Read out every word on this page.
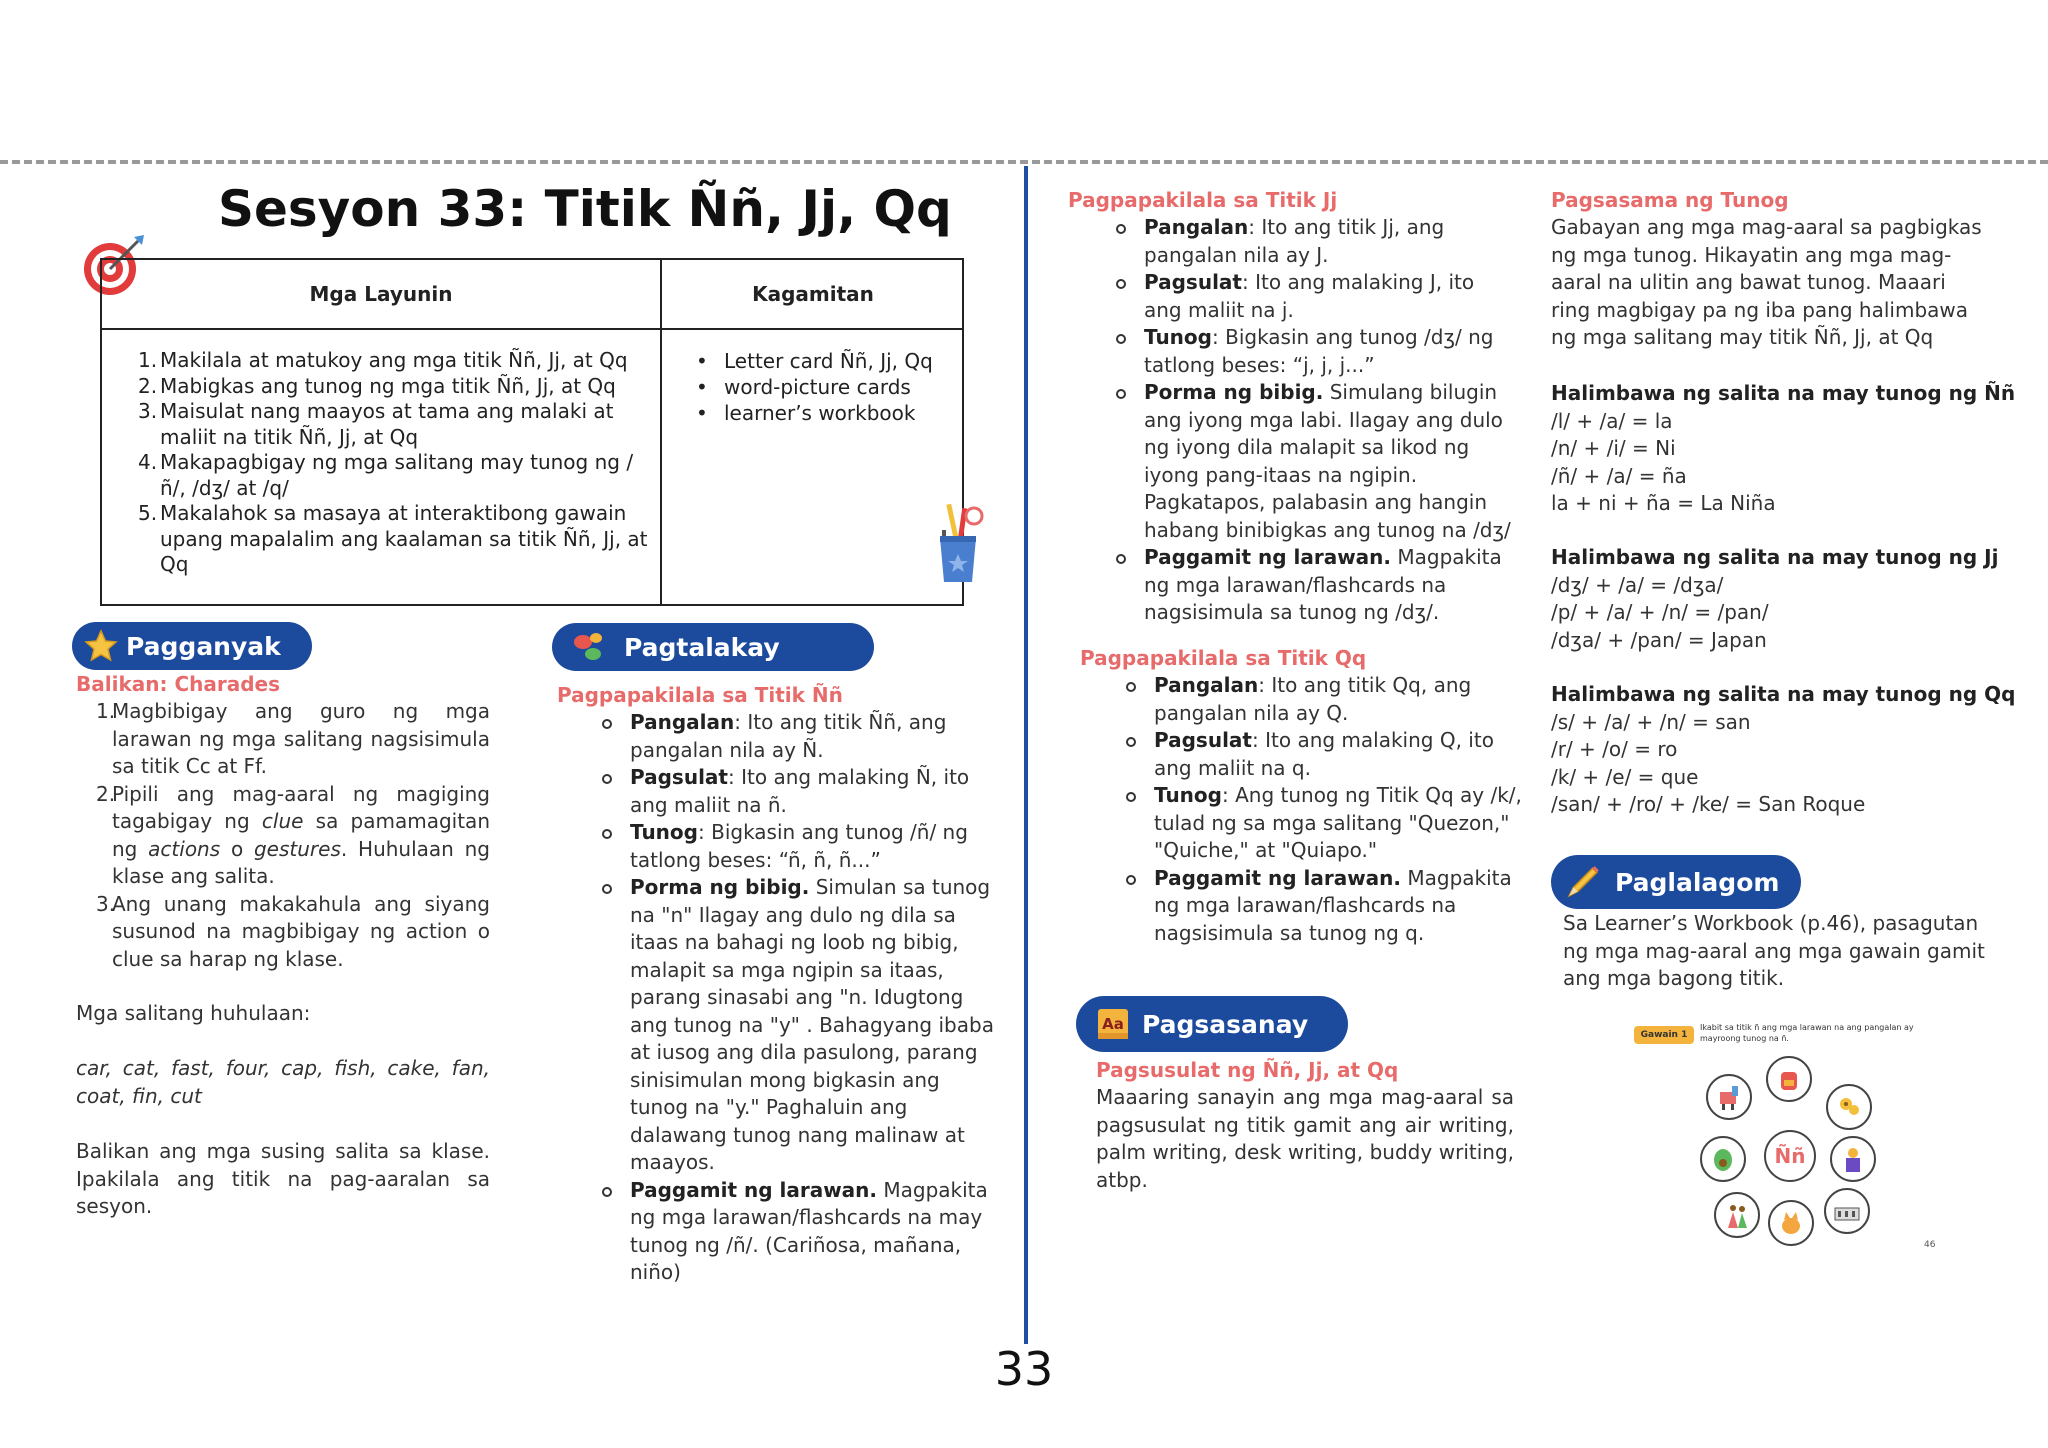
Sesyon 33: Titik Ññ, Jj, Qq
Mga Layunin	Kagamitan
1. Makilala at matukoy ang mga titik Ññ, Jj, at Qq
2. Mabigkas ang tunog ng mga titik Ññ, Jj, at Qq
3. Maisulat nang maayos at tama ang malaki at maliit na titik Ññ, Jj, at Qq
4. Makapagbigay ng mga salitang may tunog ng /ñ/, /dʒ/ at /q/
5. Makalahok sa masaya at interaktibong gawain upang mapalalim ang kaalaman sa titik Ññ, Jj, at Qq
• Letter card Ññ, Jj, Qq
• word-picture cards
• learner’s workbook
Pagganyak
Balikan: Charades
1.
Magbibigay ang guro ng mga larawan ng mga salitang nagsisimula sa titik Cc at Ff.
2.
Pipili ang mag-aaral ng magiging tagabigay ng clue sa pamamagitan ng actions o gestures. Huhulaan ng klase ang salita.
3.
Ang unang makakahula ang siyang susunod na magbibigay ng action o clue sa harap ng klase.
Mga salitang huhulaan:
car, cat, fast, four, cap, fish, cake, fan, coat, fin, cut
Balikan ang mga susing salita sa klase. Ipakilala ang titik na pag-aaralan sa sesyon.
Pagtalakay
Pagpapakilala sa Titik Ññ
Pangalan: Ito ang titik Ññ, ang pangalan nila ay Ñ.
Pagsulat: Ito ang malaking Ñ, ito ang maliit na ñ.
Tunog: Bigkasin ang tunog /ñ/ ng tatlong beses: “ñ, ñ, ñ...”
Porma ng bibig. Simulan sa tunog na "n" Ilagay ang dulo ng dila sa itaas na bahagi ng loob ng bibig, malapit sa mga ngipin sa itaas, parang sinasabi ang "n. Idugtong ang tunog na "y" . Bahagyang ibaba at iusog ang dila pasulong, parang sinisimulan mong bigkasin ang tunog na "y." Paghaluin ang dalawang tunog nang malinaw at maayos.
Paggamit ng larawan. Magpakita ng mga larawan/flashcards na may tunog ng /ñ/. (Cariñosa, mañana, niño)
Pagpapakilala sa Titik Jj
Pangalan: Ito ang titik Jj, ang pangalan nila ay J.
Pagsulat: Ito ang malaking J, ito ang maliit na j.
Tunog: Bigkasin ang tunog /dʒ/ ng tatlong beses: “j, j, j...”
Porma ng bibig. Simulang bilugin ang iyong mga labi. Ilagay ang dulo ng iyong dila malapit sa likod ng iyong pang-itaas na ngipin. Pagkatapos, palabasin ang hangin habang binibigkas ang tunog na /dʒ/
Paggamit ng larawan. Magpakita ng mga larawan/flashcards na nagsisimula sa tunog ng /dʒ/.
Pagpapakilala sa Titik Qq
Pangalan: Ito ang titik Qq, ang pangalan nila ay Q.
Pagsulat: Ito ang malaking Q, ito ang maliit na q.
Tunog: Ang tunog ng Titik Qq ay /k/, tulad ng sa mga salitang "Quezon," "Quiche," at "Quiapo."
Paggamit ng larawan. Magpakita ng mga larawan/flashcards na nagsisimula sa tunog ng q.
Aa Pagsasanay
Pagsusulat ng Ññ, Jj, at Qq
Maaaring sanayin ang mga mag-aaral sa pagsusulat ng titik gamit ang air writing, palm writing, desk writing, buddy writing, atbp.
Pagsasama ng Tunog
Gabayan ang mga mag-aaral sa pagbigkas ng mga tunog. Hikayatin ang mga mag-aaral na ulitin ang bawat tunog. Maaari ring magbigay pa ng iba pang halimbawa ng mga salitang may titik Ññ, Jj, at Qq
Halimbawa ng salita na may tunog ng Ññ
/l/ + /a/ = la
/n/ + /i/ = Ni
/ñ/ + /a/ = ña
la + ni + ña = La Niña
Halimbawa ng salita na may tunog ng Jj
/dʒ/ + /a/ = /dʒa/
/p/ + /a/ + /n/ = /pan/
/dʒa/ + /pan/ = Japan
Halimbawa ng salita na may tunog ng Qq
/s/ + /a/ + /n/ = san
/r/ + /o/ = ro
/k/ + /e/ = que
/san/ + /ro/ + /ke/ = San Roque
Paglalagom
Sa Learner’s Workbook (p.46), pasagutan ng mga mag-aaral ang mga gawain gamit ang mga bagong titik.
Gawain 1
Ikabit sa titik ñ ang mga larawan na ang pangalan ay mayroong tunog na ñ.
Ññ
46
33
